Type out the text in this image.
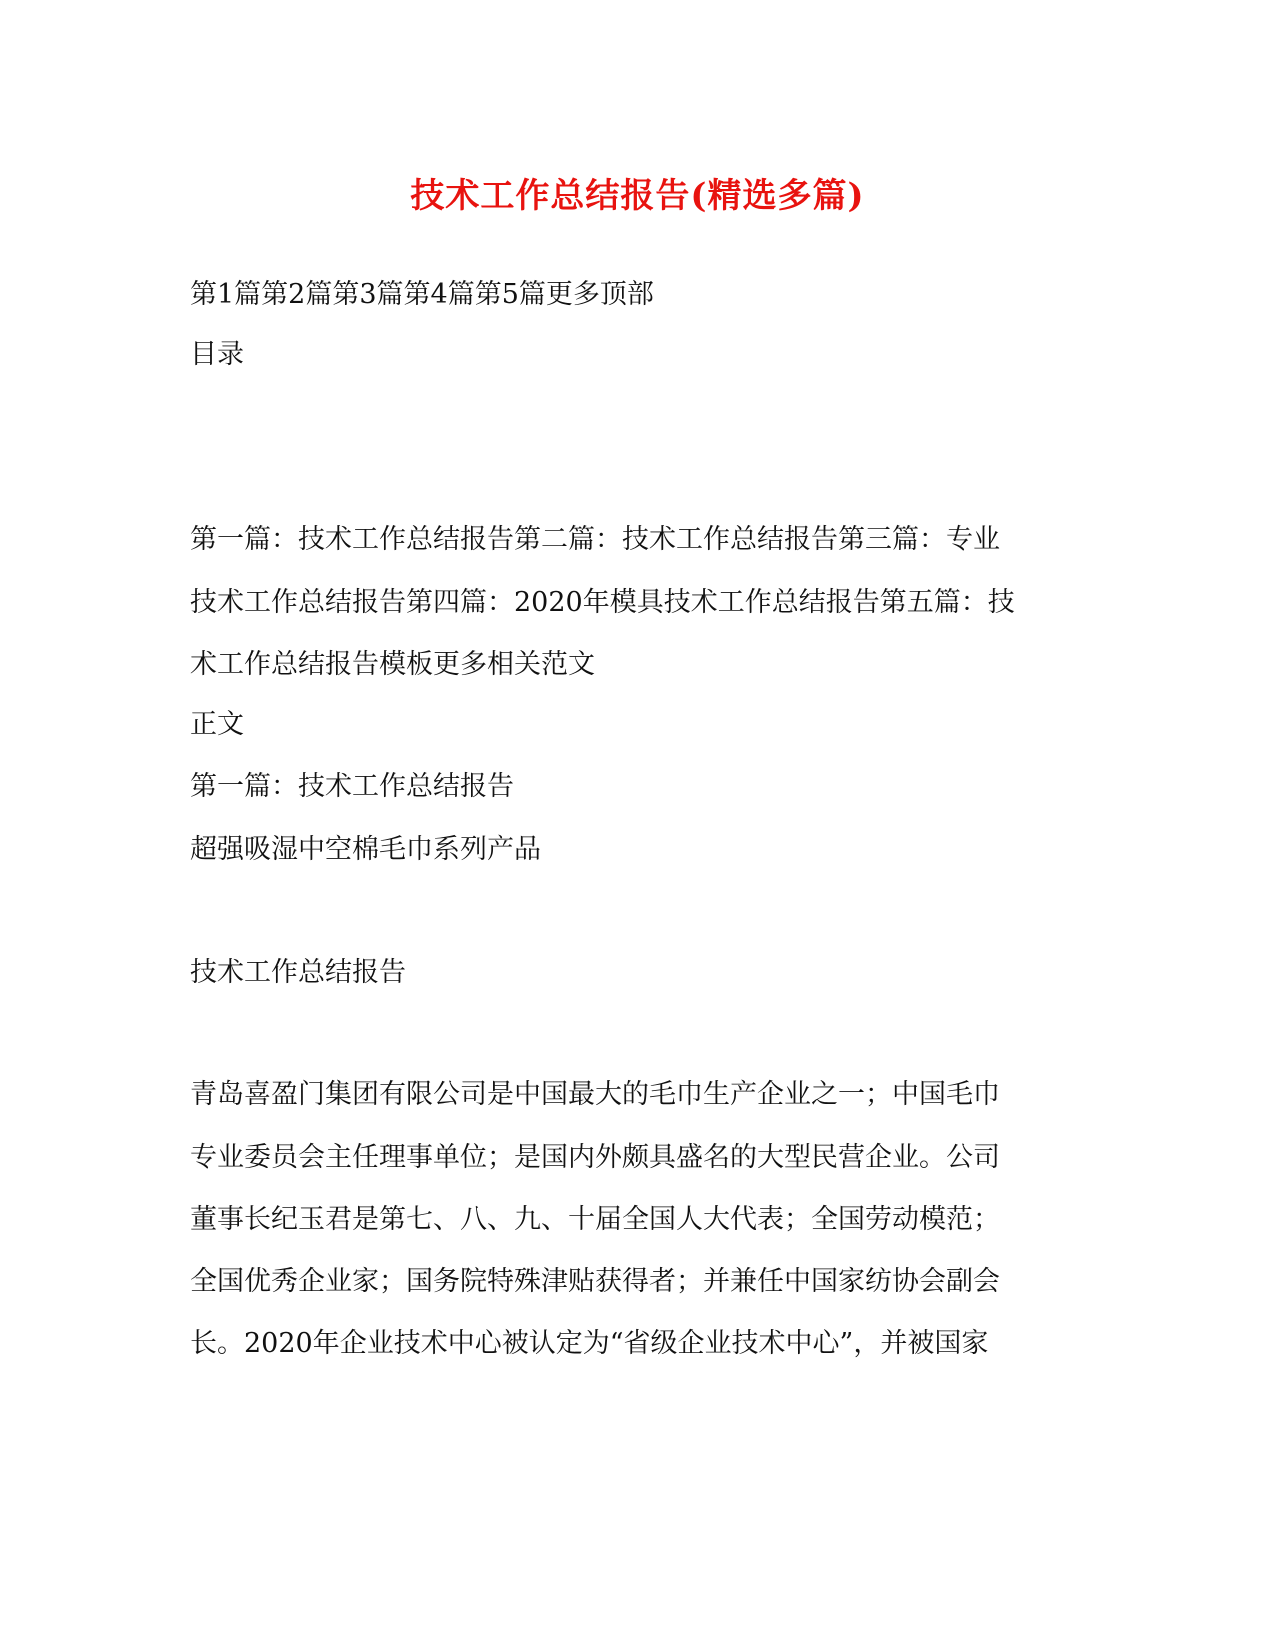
技术工作总结报告(精选多篇)
第1篇第2篇第3篇第4篇第5篇更多顶部
目录
第一篇：技术工作总结报告第二篇：技术工作总结报告第三篇：专业
技术工作总结报告第四篇：2020年模具技术工作总结报告第五篇：技
术工作总结报告模板更多相关范文
正文
第一篇：技术工作总结报告
超强吸湿中空棉毛巾系列产品
技术工作总结报告
青岛喜盈门集团有限公司是中国最大的毛巾生产企业之一；中国毛巾
专业委员会主任理事单位；是国内外颇具盛名的大型民营企业。公司
董事长纪玉君是第七、八、九、十届全国人大代表；全国劳动模范；
全国优秀企业家；国务院特殊津贴获得者；并兼任中国家纺协会副会
长。2020年企业技术中心被认定为“省级企业技术中心”，并被国家
